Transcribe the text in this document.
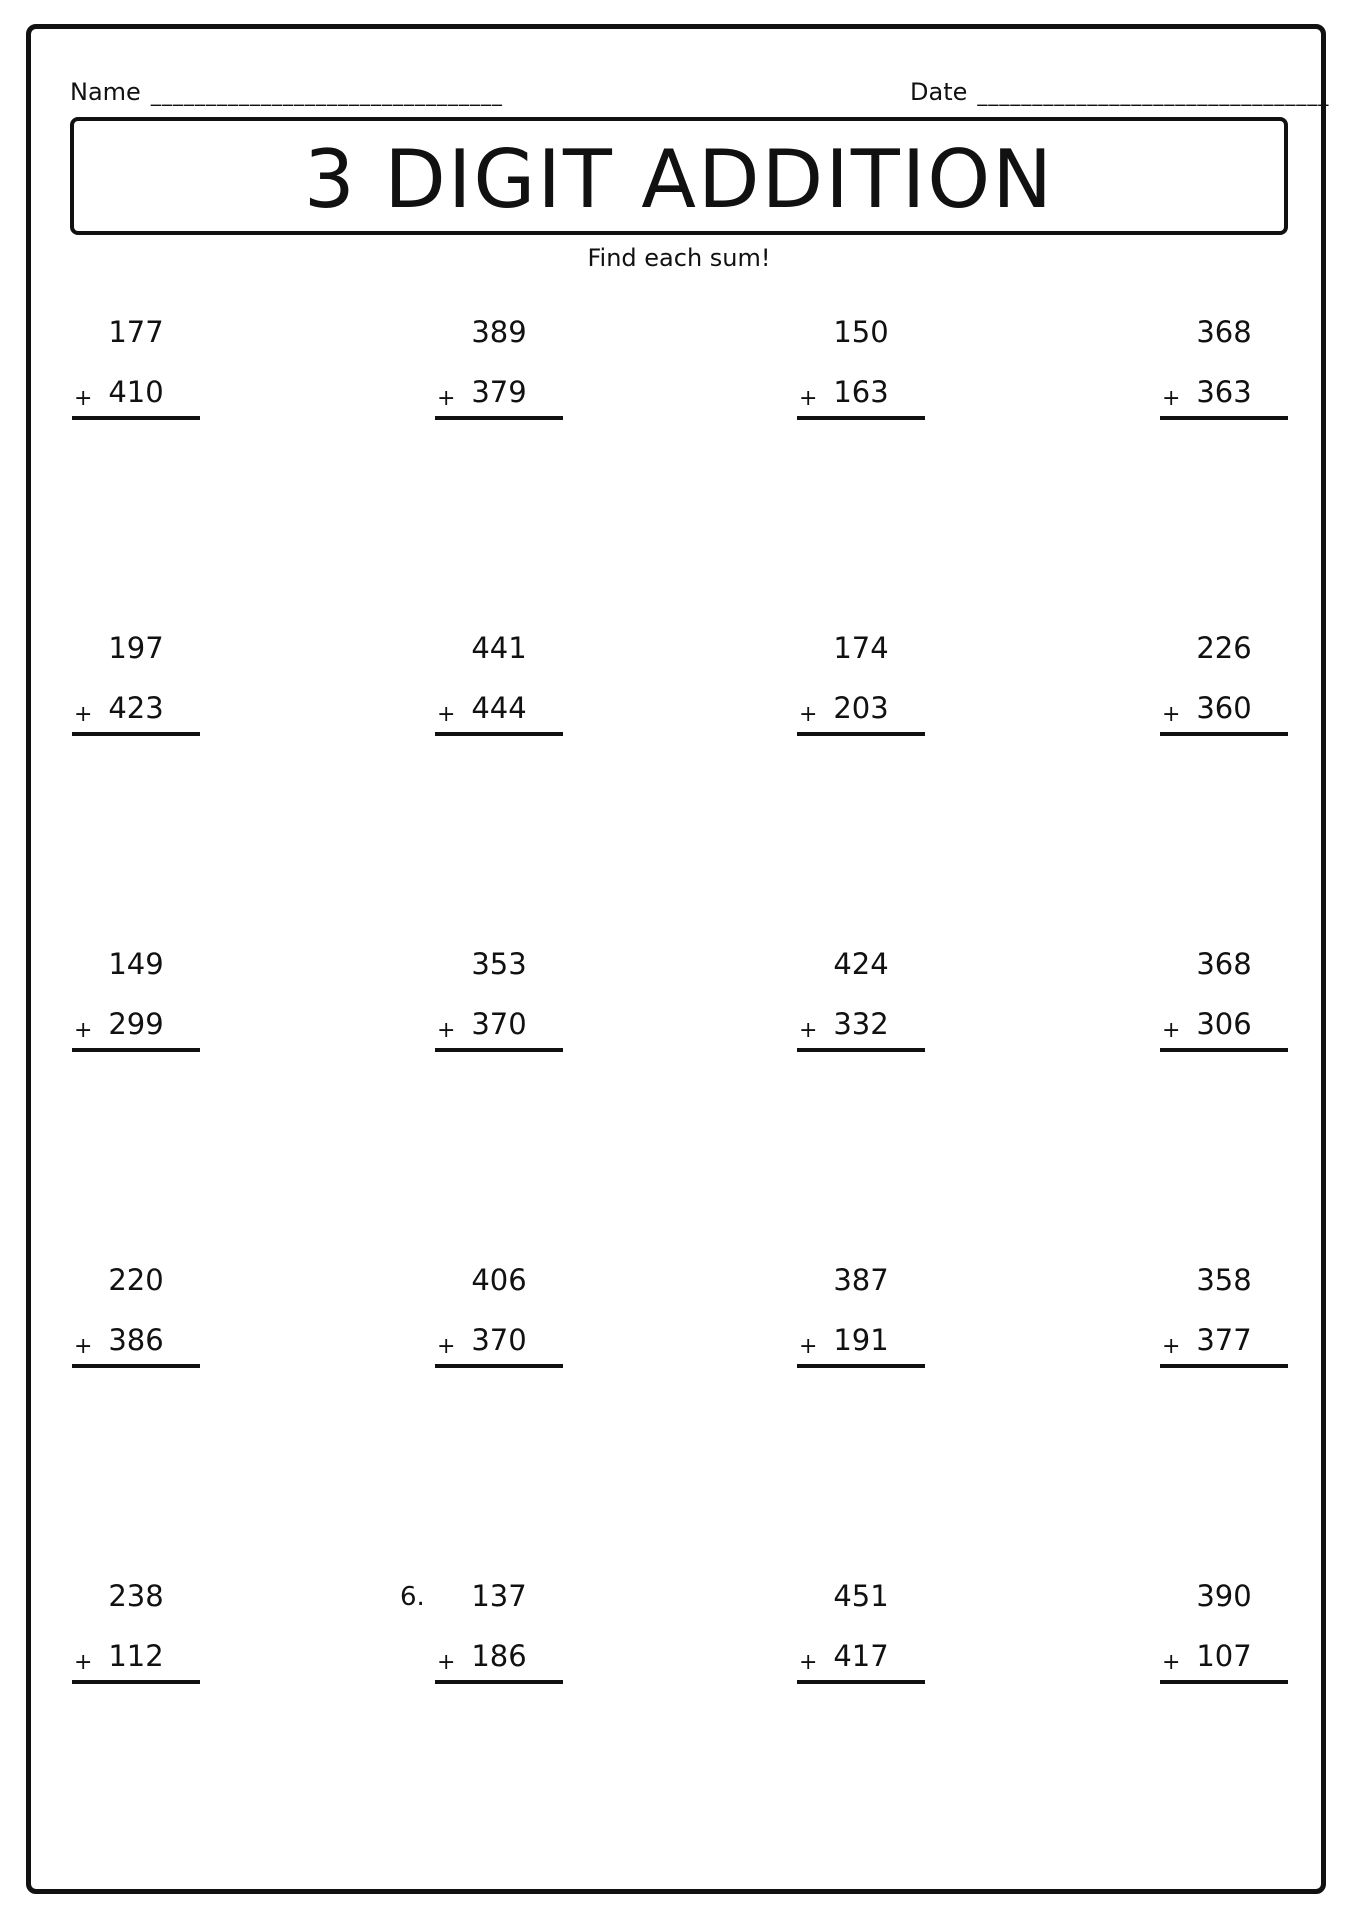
Name ________________________________	Date ________________________________
3 DIGIT ADDITION
Find each sum!
177
+ 410
389
+ 379
150
+ 163
368
+ 363
197
+ 423
441
+ 444
174
+ 203
226
+ 360
149
+ 299
353
+ 370
424
+ 332
368
+ 306
220
+ 386
406
+ 370
387
+ 191
358
+ 377
238
+ 112
137
+ 186
451
+ 417
390
+ 107
6.
